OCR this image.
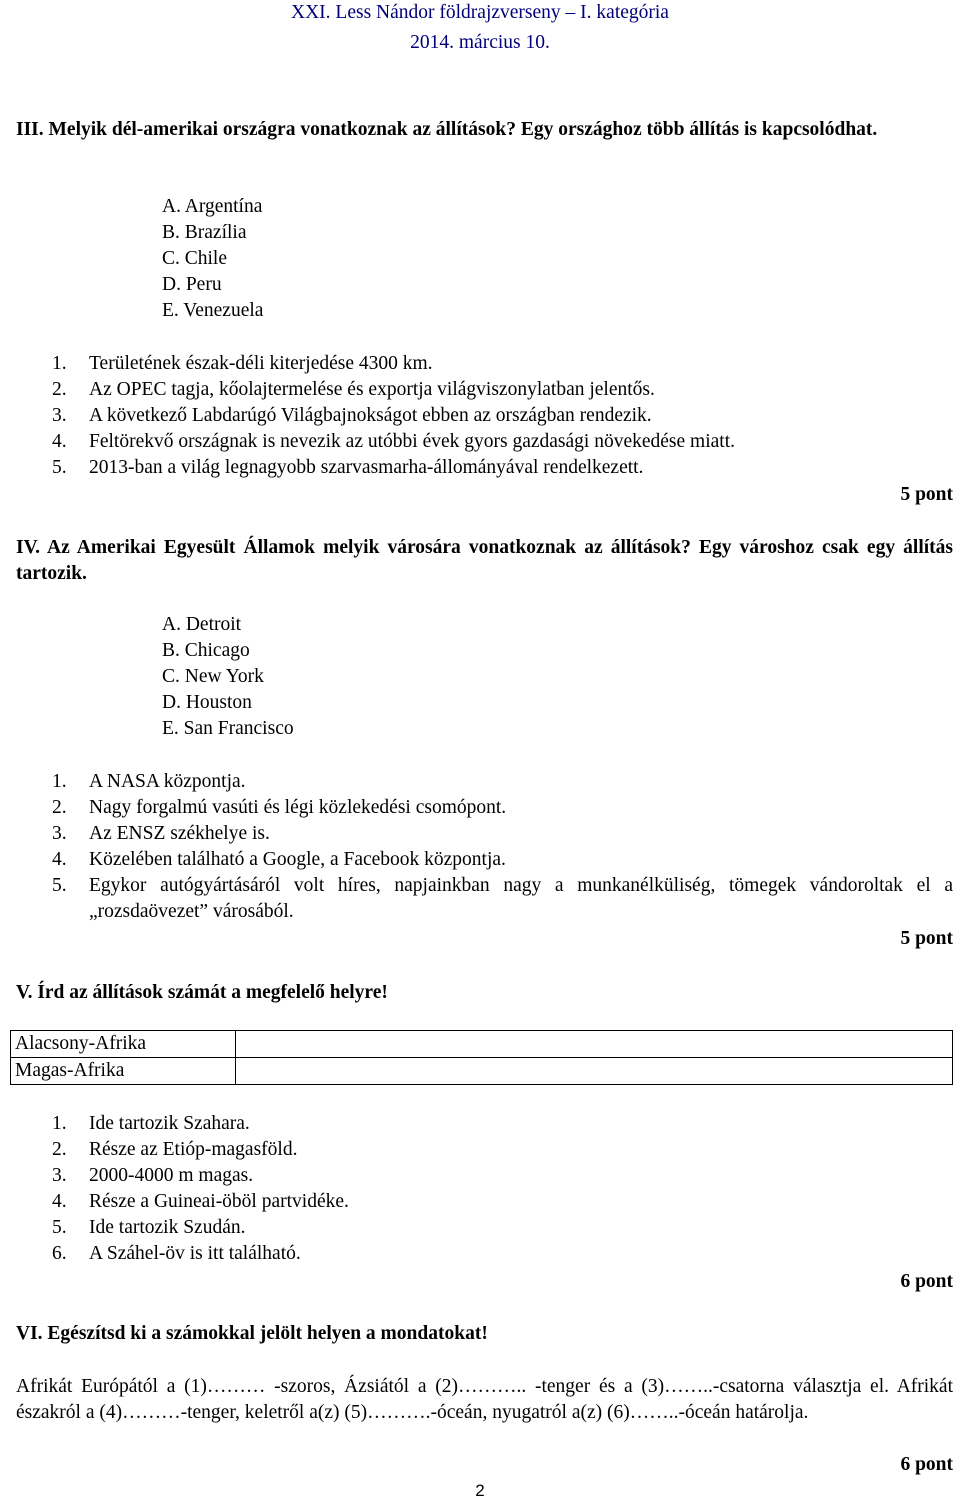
XXI. Less Nándor földrajzverseny – I. kategória
2014. március 10.
III. Melyik dél-amerikai országra vonatkoznak az állítások? Egy országhoz több állítás is kapcsolódhat.
A. Argentína
B. Brazília
C. Chile
D. Peru
E. Venezuela
1.	Területének észak-déli kiterjedése 4300 km.
2.	Az OPEC tagja, kőolajtermelése és exportja világviszonylatban jelentős.
3.	A következő Labdarúgó Világbajnokságot ebben az országban rendezik.
4.	Feltörekvő országnak is nevezik az utóbbi évek gyors gazdasági növekedése miatt.
5.	2013-ban a világ legnagyobb szarvasmarha-állományával rendelkezett.
5 pont
IV. Az Amerikai Egyesült Államok melyik városára vonatkoznak az állítások? Egy városhoz csak egy állítás tartozik.
A. Detroit
B. Chicago
C. New York
D. Houston
E. San Francisco
1.	A NASA központja.
2.	Nagy forgalmú vasúti és légi közlekedési csomópont.
3.	Az ENSZ székhelye is.
4.	Közelében található a Google, a Facebook központja.
5.	Egykor autógyártásáról volt híres, napjainkban nagy a munkanélküliség, tömegek vándoroltak el a „rozsdaövezet” városából.
5 pont
V. Írd az állítások számát a megfelelő helyre!
Alacsony-Afrika	
Magas-Afrika	
1.	Ide tartozik Szahara.
2.	Része az Etióp-magasföld.
3.	2000-4000 m magas.
4.	Része a Guineai-öböl partvidéke.
5.	Ide tartozik Szudán.
6.	A Száhel-öv is itt található.
6 pont
VI. Egészítsd ki a számokkal jelölt helyen a mondatokat!
Afrikát Európától a (1)……… -szoros, Ázsiától a (2)……….. -tenger és a (3)……..-csatorna választja el. Afrikát északról a (4)………-tenger, keletről a(z) (5)……….-óceán, nyugatról a(z) (6)……..-óceán határolja.
6 pont
2
